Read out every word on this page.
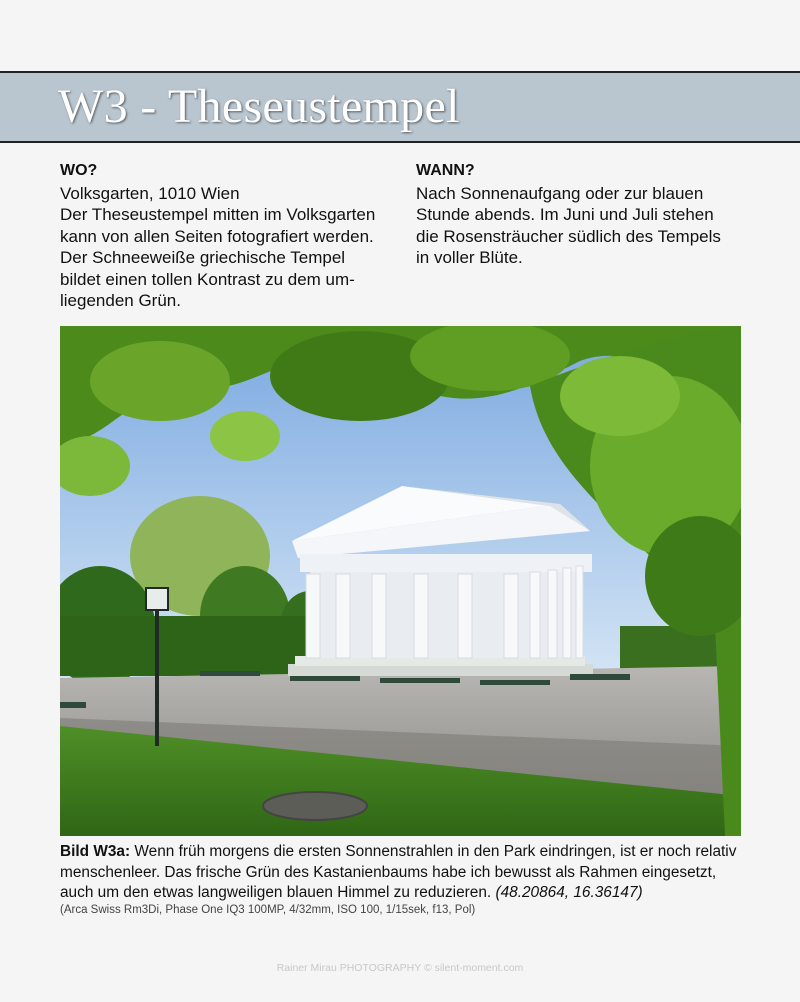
W3 - Theseustempel
WO?

Volksgarten, 1010 Wien

Der Theseustempel mitten im Volksgarten

kann von allen Seiten fotografiert werden.

Der Schneeweiße griechische Tempel

bildet einen tollen Kontrast zu dem um-

liegenden Grün.

WANN?

Nach Sonnenaufgang oder zur blauen

Stunde abends. Im Juni und Juli stehen

die Rosensträucher südlich des Tempels

in voller Blüte.

Bild W3a: Wenn früh morgens die ersten Sonnenstrahlen in den Park eindringen, ist er noch relativ menschenleer. Das frische Grün des Kastanienbaums habe ich bewusst als Rahmen eingesetzt, auch um den etwas langweiligen blauen Himmel zu reduzieren. (48.20864, 16.36147)
(Arca Swiss Rm3Di, Phase One IQ3 100MP, 4/32mm, ISO 100, 1/15sek, f13, Pol)
Rainer Mirau PHOTOGRAPHY © silent-moment.com
